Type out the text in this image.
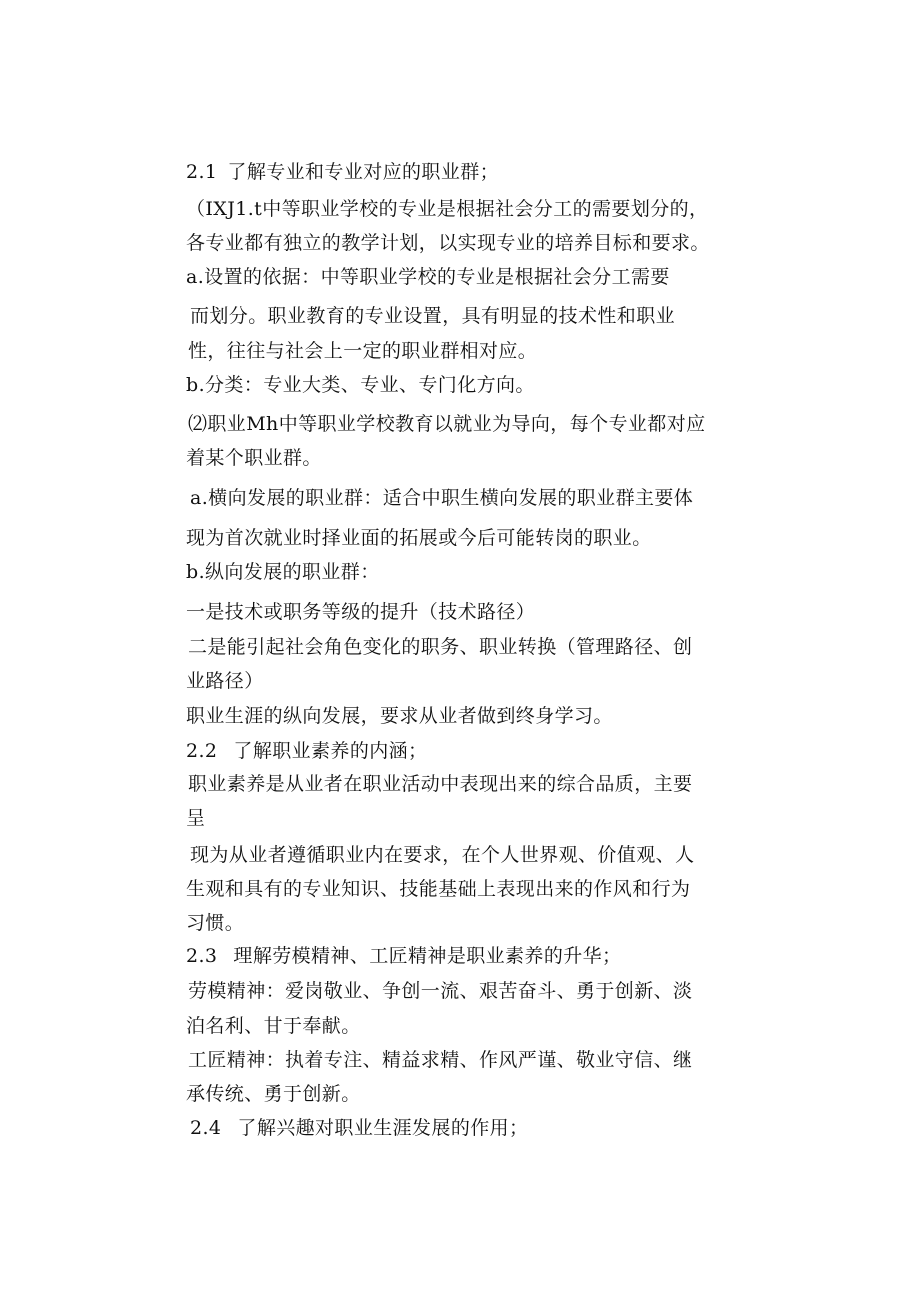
2.1 了解专业和专业对应的职业群；
（IXJ1.t中等职业学校的专业是根据社会分工的需要划分的，
各专业都有独立的教学计划，以实现专业的培养目标和要求。
a.设置的依据：中等职业学校的专业是根据社会分工需要
而划分。职业教育的专业设置，具有明显的技术性和职业
性，往往与社会上一定的职业群相对应。
b.分类：专业大类、专业、专门化方向。
⑵职业Mh中等职业学校教育以就业为导向，每个专业都对应
着某个职业群。
a.横向发展的职业群：适合中职生横向发展的职业群主要体
现为首次就业时择业面的拓展或今后可能转岗的职业。
b.纵向发展的职业群：
一是技术或职务等级的提升（技术路径）
二是能引起社会角色变化的职务、职业转换（管理路径、创
业路径）
职业生涯的纵向发展，要求从业者做到终身学习。
2.2 了解职业素养的内涵；
职业素养是从业者在职业活动中表现出来的综合品质，主要
呈
现为从业者遵循职业内在要求，在个人世界观、价值观、人
生观和具有的专业知识、技能基础上表现出来的作风和行为
习惯。
2.3 理解劳模精神、工匠精神是职业素养的升华；
劳模精神：爱岗敬业、争创一流、艰苦奋斗、勇于创新、淡
泊名利、甘于奉献。
工匠精神：执着专注、精益求精、作风严谨、敬业守信、继
承传统、勇于创新。
2.4 了解兴趣对职业生涯发展的作用；
